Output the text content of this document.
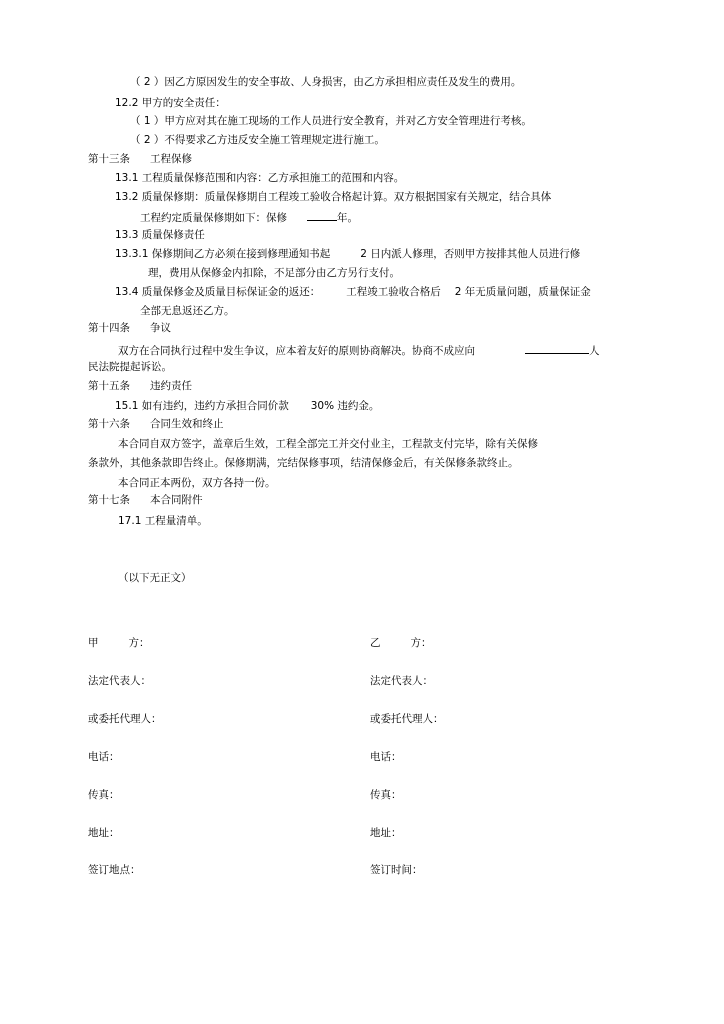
（ 2 ）因乙方原因发生的安全事故、人身损害，由乙方承担相应责任及发生的费用。
12.2 甲方的安全责任：
（ 1 ）甲方应对其在施工现场的工作人员进行安全教育，并对乙方安全管理进行考核。
（ 2 ）不得要求乙方违反安全施工管理规定进行施工。
第十三条 工程保修
13.1 工程质量保修范围和内容：乙方承担施工的范围和内容。
13.2 质量保修期：质量保修期自工程竣工验收合格起计算。双方根据国家有关规定，结合具体
工程约定质量保修期如下：保修	年。
13.3 质量保修责任
13.3.1 保修期间乙方必须在接到修理通知书起	2 日内派人修理，否则甲方按排其他人员进行修
理，费用从保修金内扣除，不足部分由乙方另行支付。
13.4 质量保修金及质量目标保证金的返还： 工程竣工验收合格后 2 年无质量问题，质量保证金
全部无息返还乙方。
第十四条 争议
双方在合同执行过程中发生争议，应本着友好的原则协商解决。协商不成应向	人
民法院提起诉讼。
第十五条 违约责任
15.1 如有违约，违约方承担合同价款 30% 违约金。
第十六条 合同生效和终止
本合同自双方签字，盖章后生效，工程全部完工并交付业主，工程款支付完毕，除有关保修
条款外，其他条款即告终止。保修期满，完结保修事项，结清保修金后，有关保修条款终止。
本合同正本两份，双方各持一份。
第十七条 本合同附件
17.1 工程量清单。
（以下无正文）
甲	方：	乙	方：
法定代表人：	法定代表人：
或委托代理人：	或委托代理人：
电话：	电话：
传真：	传真：
地址：	地址：
签订地点：	签订时间：
